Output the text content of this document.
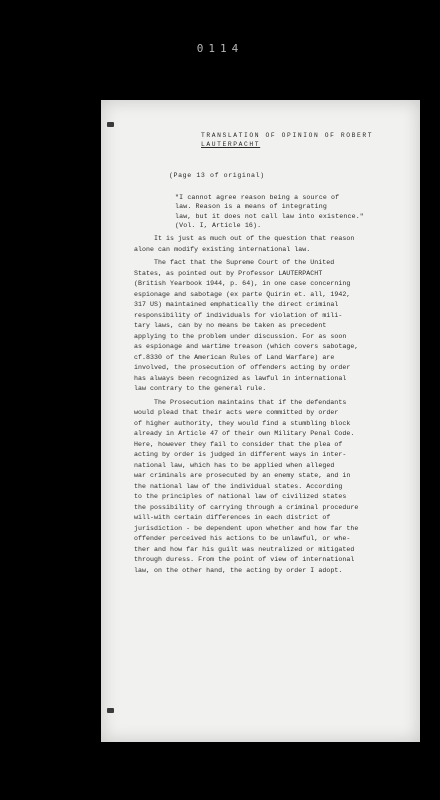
0114
TRANSLATION OF OPINION OF ROBERT
LAUTERPACHT
(Page 13 of original)
"I cannot agree reason being a source of
law. Reason is a means of integrating
law, but it does not call law into existence."
(Vol. I, Article 16).
It is just as much out of the question that reason
alone can modify existing international law.
The fact that the Supreme Court of the United
States, as pointed out by Professor LAUTERPACHT
(British Yearbook 1944, p. 64), in one case concerning
espionage and sabotage (ex parte Quirin et. all, 1942,
317 US) maintained emphatically the direct criminal
responsibility of individuals for violation of mili-
tary laws, can by no means be taken as precedent
applying to the problem under discussion. For as soon
as espionage and wartime treason (which covers sabotage,
cf.8330 of the American Rules of Land Warfare) are
involved, the prosecution of offenders acting by order
has always been recognized as lawful in international
law contrary to the general rule.
The Prosecution maintains that if the defendants
would plead that their acts were committed by order
of higher authority, they would find a stumbling block
already in Article 47 of their own Military Penal Code.
Here, however they fail to consider that the plea of
acting by order is judged in different ways in inter-
national law, which has to be applied when alleged
war criminals are prosecuted by an enemy state, and in
the national law of the individual states. According
to the principles of national law of civilized states
the possibility of carrying through a criminal procedure
will-with certain differences in each district of
jurisdiction - be dependent upon whether and how far the
offender perceived his actions to be unlawful, or whe-
ther and how far his guilt was neutralized or mitigated
through duress. From the point of view of international
law, on the other hand, the acting by order I adopt.
